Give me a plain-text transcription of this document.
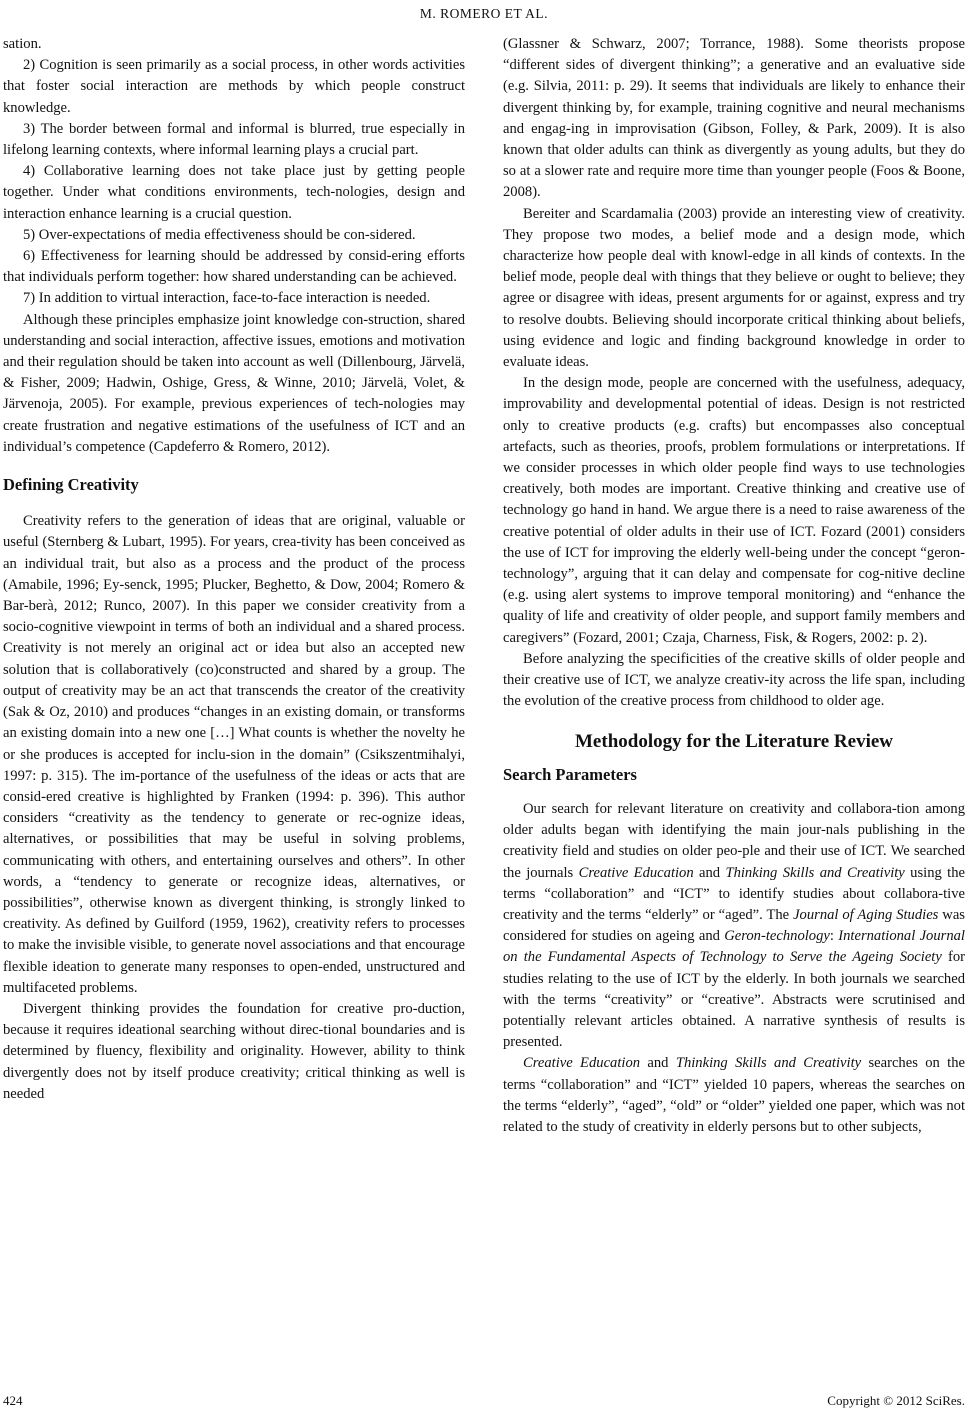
M. ROMERO ET AL.

sation.

2) Cognition is seen primarily as a social process, in other words activities that foster social interaction are methods by which people construct knowledge.

3) The border between formal and informal is blurred, true especially in lifelong learning contexts, where informal learning plays a crucial part.

4) Collaborative learning does not take place just by getting people together. Under what conditions environments, tech-nologies, design and interaction enhance learning is a crucial question.

5) Over-expectations of media effectiveness should be con-sidered.

6) Effectiveness for learning should be addressed by consid-ering efforts that individuals perform together: how shared understanding can be achieved.

7) In addition to virtual interaction, face-to-face interaction is needed.

Although these principles emphasize joint knowledge con-struction, shared understanding and social interaction, affective issues, emotions and motivation and their regulation should be taken into account as well (Dillenbourg, Järvelä, & Fisher, 2009; Hadwin, Oshige, Gress, & Winne, 2010; Järvelä, Volet, & Järvenoja, 2005). For example, previous experiences of tech-nologies may create frustration and negative estimations of the usefulness of ICT and an individual’s competence (Capdeferro & Romero, 2012).

Defining Creativity

Creativity refers to the generation of ideas that are original, valuable or useful (Sternberg & Lubart, 1995). For years, crea-tivity has been conceived as an individual trait, but also as a process and the product of the process (Amabile, 1996; Ey-senck, 1995; Plucker, Beghetto, & Dow, 2004; Romero & Bar-berà, 2012; Runco, 2007). In this paper we consider creativity from a socio-cognitive viewpoint in terms of both an individual and a shared process. Creativity is not merely an original act or idea but also an accepted new solution that is collaboratively (co)constructed and shared by a group. The output of creativity may be an act that transcends the creator of the creativity (Sak & Oz, 2010) and produces “changes in an existing domain, or transforms an existing domain into a new one […] What counts is whether the novelty he or she produces is accepted for inclu-sion in the domain” (Csikszentmihalyi, 1997: p. 315). The im-portance of the usefulness of the ideas or acts that are consid-ered creative is highlighted by Franken (1994: p. 396). This author considers “creativity as the tendency to generate or rec-ognize ideas, alternatives, or possibilities that may be useful in solving problems, communicating with others, and entertaining ourselves and others”. In other words, a “tendency to generate or recognize ideas, alternatives, or possibilities”, otherwise known as divergent thinking, is strongly linked to creativity. As defined by Guilford (1959, 1962), creativity refers to processes to make the invisible visible, to generate novel associations and that encourage flexible ideation to generate many responses to open-ended, unstructured and multifaceted problems.

Divergent thinking provides the foundation for creative pro-duction, because it requires ideational searching without direc-tional boundaries and is determined by fluency, flexibility and originality. However, ability to think divergently does not by itself produce creativity; critical thinking as well is needed

(Glassner & Schwarz, 2007; Torrance, 1988). Some theorists propose “different sides of divergent thinking”; a generative and an evaluative side (e.g. Silvia, 2011: p. 29). It seems that individuals are likely to enhance their divergent thinking by, for example, training cognitive and neural mechanisms and engag-ing in improvisation (Gibson, Folley, & Park, 2009). It is also known that older adults can think as divergently as young adults, but they do so at a slower rate and require more time than younger people (Foos & Boone, 2008).

Bereiter and Scardamalia (2003) provide an interesting view of creativity. They propose two modes, a belief mode and a design mode, which characterize how people deal with knowl-edge in all kinds of contexts. In the belief mode, people deal with things that they believe or ought to believe; they agree or disagree with ideas, present arguments for or against, express and try to resolve doubts. Believing should incorporate critical thinking about beliefs, using evidence and logic and finding background knowledge in order to evaluate ideas.

In the design mode, people are concerned with the usefulness, adequacy, improvability and developmental potential of ideas. Design is not restricted only to creative products (e.g. crafts) but encompasses also conceptual artefacts, such as theories, proofs, problem formulations or interpretations. If we consider processes in which older people find ways to use technologies creatively, both modes are important. Creative thinking and creative use of technology go hand in hand. We argue there is a need to raise awareness of the creative potential of older adults in their use of ICT. Fozard (2001) considers the use of ICT for improving the elderly well-being under the concept “geron-technology”, arguing that it can delay and compensate for cog-nitive decline (e.g. using alert systems to improve temporal monitoring) and “enhance the quality of life and creativity of older people, and support family members and caregivers” (Fozard, 2001; Czaja, Charness, Fisk, & Rogers, 2002: p. 2).

Before analyzing the specificities of the creative skills of older people and their creative use of ICT, we analyze creativ-ity across the life span, including the evolution of the creative process from childhood to older age.

Methodology for the Literature Review
Search Parameters

Our search for relevant literature on creativity and collabora-tion among older adults began with identifying the main jour-nals publishing in the creativity field and studies on older peo-ple and their use of ICT. We searched the journals Creative Education and Thinking Skills and Creativity using the terms “collaboration” and “ICT” to identify studies about collabora-tive creativity and the terms “elderly” or “aged”. The Journal of Aging Studies was considered for studies on ageing and Geron-technology: International Journal on the Fundamental Aspects of Technology to Serve the Ageing Society for studies relating to the use of ICT by the elderly. In both journals we searched with the terms “creativity” or “creative”. Abstracts were scrutinised and potentially relevant articles obtained. A narrative synthesis of results is presented.

Creative Education and Thinking Skills and Creativity searches on the terms “collaboration” and “ICT” yielded 10 papers, whereas the searches on the terms “elderly”, “aged”, “old” or “older” yielded one paper, which was not related to the study of creativity in elderly persons but to other subjects,

424	Copyright © 2012 SciRes.
